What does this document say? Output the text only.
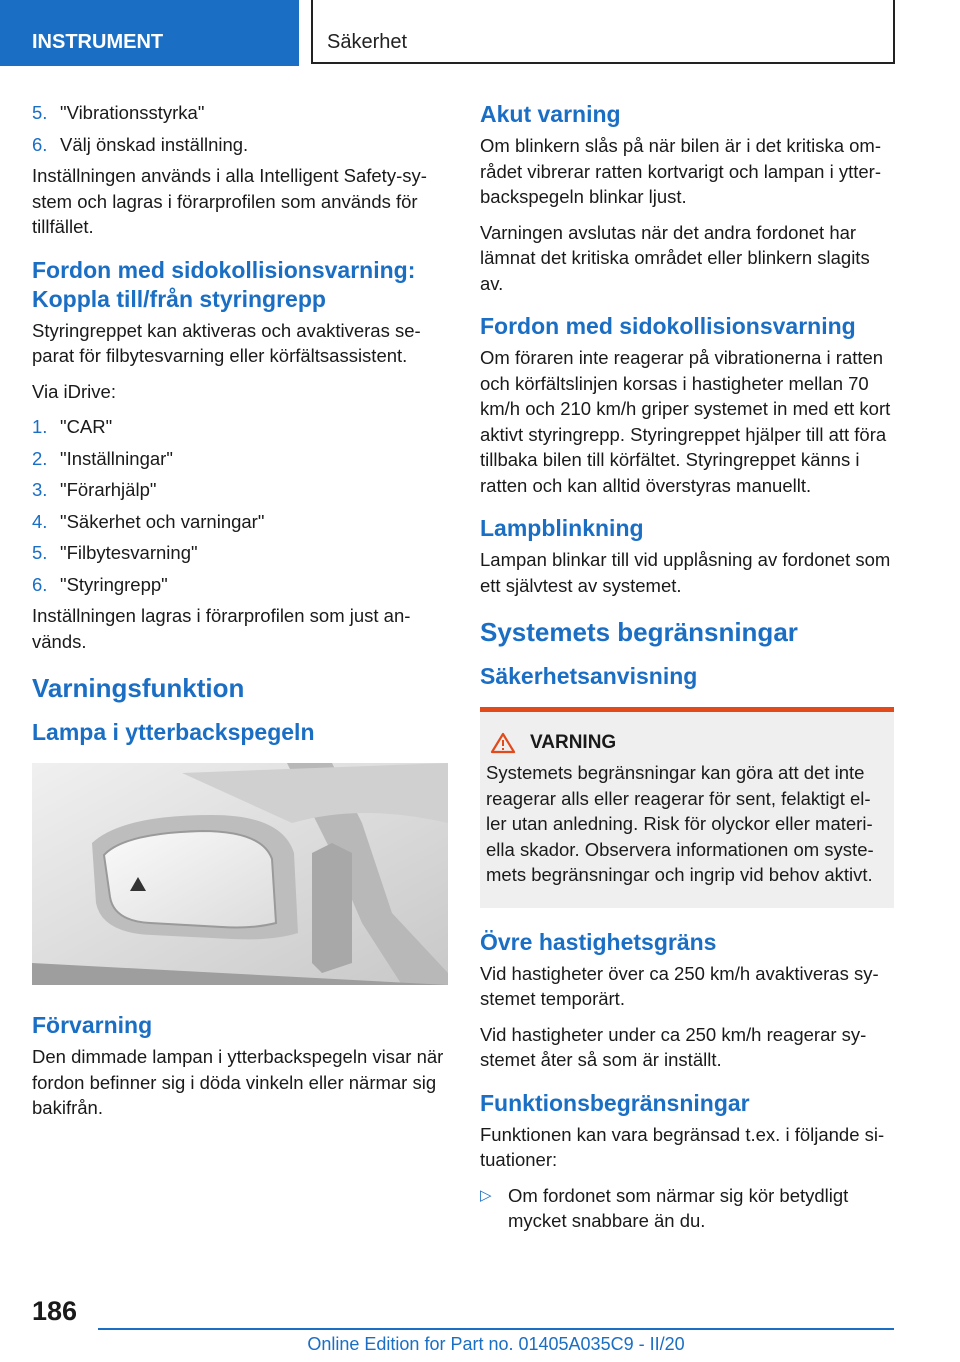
INSTRUMENT	Säkerhet
5. "Vibrationsstyrka"
6. Välj önskad inställning.

Inställningen används i alla Intelligent Safety-sy-stem och lagras i förarprofilen som används för tillfället.

Fordon med sidokollisionsvarning: Koppla till/från styringrepp

Styringreppet kan aktiveras och avaktiveras se-parat för filbytesvarning eller körfältsassistent.

Via iDrive:

1. "CAR"
2. "Inställningar"
3. "Förarhjälp"
4. "Säkerhet och varningar"
5. "Filbytesvarning"
6. "Styringrepp"

Inställningen lagras i förarprofilen som just an-vänds.

Varningsfunktion
Lampa i ytterbackspegeln
Förvarning

Den dimmade lampan i ytterbackspegeln visar när fordon befinner sig i döda vinkeln eller närmar sig bakifrån.

Akut varning

Om blinkern slås på när bilen är i det kritiska om-rådet vibrerar ratten kortvarigt och lampan i ytter-backspegeln blinkar ljust.

Varningen avslutas när det andra fordonet har lämnat det kritiska området eller blinkern slagits av.

Fordon med sidokollisionsvarning

Om föraren inte reagerar på vibrationerna i ratten och körfältslinjen korsas i hastigheter mellan 70 km/h och 210 km/h griper systemet in med ett kort aktivt styringrepp. Styringreppet hjälper till att föra tillbaka bilen till körfältet. Styringreppet känns i ratten och kan alltid överstyras manuellt.

Lampblinkning

Lampan blinkar till vid upplåsning av fordonet som ett självtest av systemet.

Systemets begränsningar
Säkerhetsanvisning
VARNING

Systemets begränsningar kan göra att det inte reagerar alls eller reagerar för sent, felaktigt el-ler utan anledning. Risk för olyckor eller materi-ella skador. Observera informationen om syste-mets begränsningar och ingrip vid behov aktivt.

Övre hastighetsgräns

Vid hastigheter över ca 250 km/h avaktiveras sy-stemet temporärt.

Vid hastigheter under ca 250 km/h reagerar sy-stemet åter så som är inställt.

Funktionsbegränsningar

Funktionen kan vara begränsad t.ex. i följande si-tuationer:

▷ Om fordonet som närmar sig kör betydligt mycket snabbare än du.
186
Online Edition for Part no. 01405A035C9 - II/20
